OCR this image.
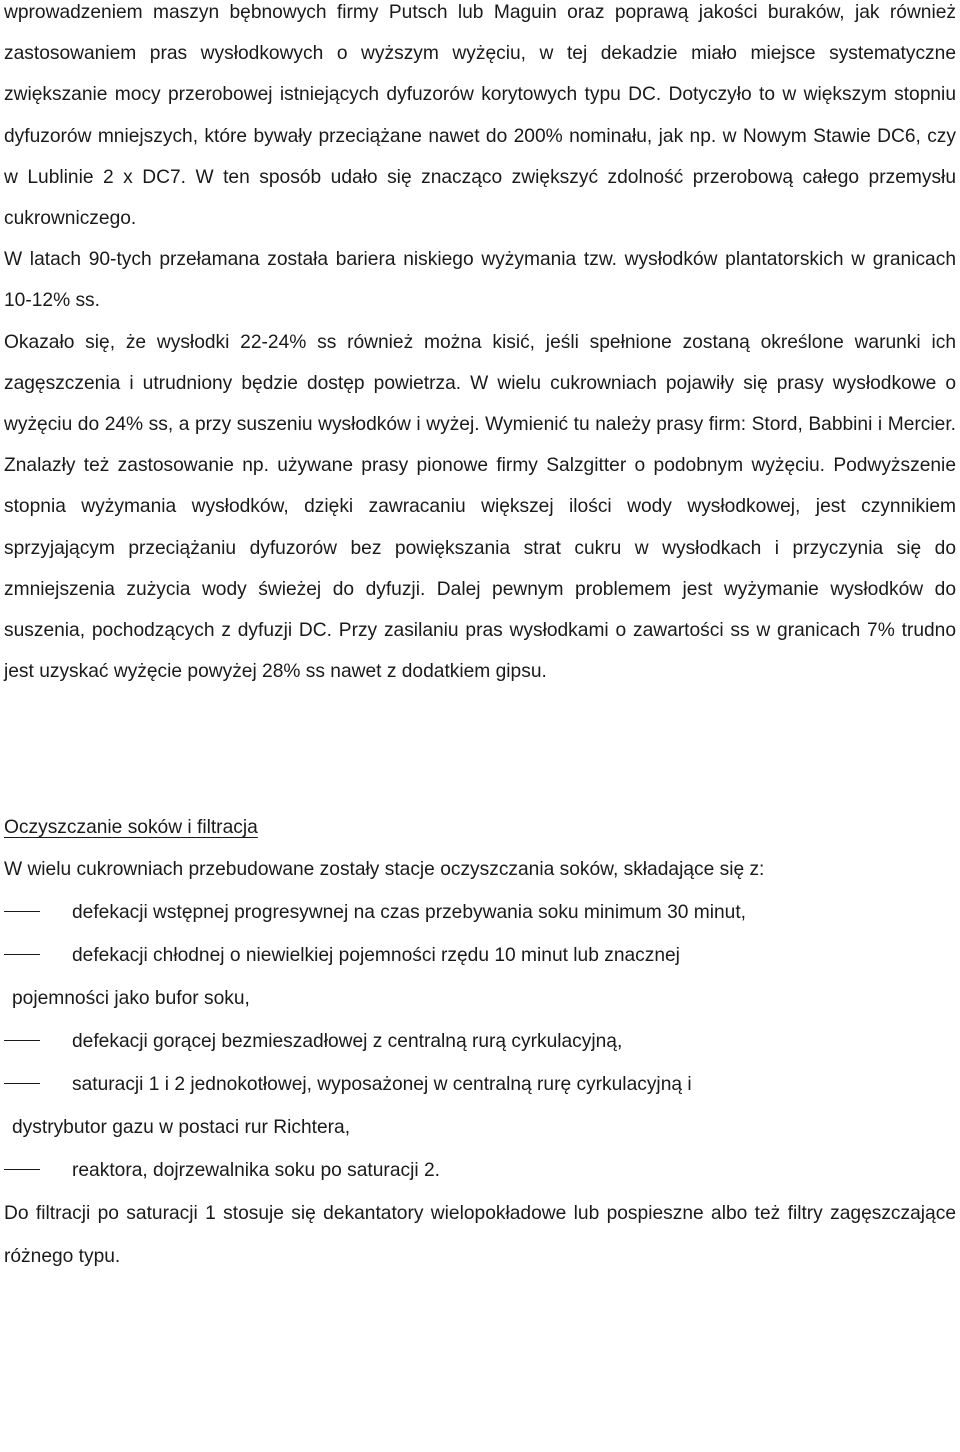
wprowadzeniem maszyn bębnowych firmy Putsch lub Maguin oraz poprawą jakości buraków, jak również zastosowaniem pras wysłodkowych o wyższym wyżęciu, w tej dekadzie miało miejsce systematyczne zwiększanie mocy przerobowej istniejących dyfuzorów korytowych typu DC. Dotyczyło to w większym stopniu dyfuzorów mniejszych, które bywały przeciążane nawet do 200% nominału, jak np. w Nowym Stawie DC6, czy w Lublinie 2 x DC7. W ten sposób udało się znacząco zwiększyć zdolność przerobową całego przemysłu cukrowniczego.

W latach 90-tych przełamana została bariera niskiego wyżymania tzw. wysłodków plantatorskich w granicach 10-12% ss.

Okazało się, że wysłodki 22-24% ss również można kisić, jeśli spełnione zostaną określone warunki ich zagęszczenia i utrudniony będzie dostęp powietrza. W wielu cukrowniach pojawiły się prasy wysłodkowe o wyżęciu do 24% ss, a przy suszeniu wysłodków i wyżej. Wymienić tu należy prasy firm: Stord, Babbini i Mercier. Znalazły też zastosowanie np. używane prasy pionowe firmy Salzgitter o podobnym wyżęciu. Podwyższenie stopnia wyżymania wysłodków, dzięki zawracaniu większej ilości wody wysłodkowej, jest czynnikiem sprzyjającym przeciążaniu dyfuzorów bez powiększania strat cukru w wysłodkach i przyczynia się do zmniejszenia zużycia wody świeżej do dyfuzji. Dalej pewnym problemem jest wyżymanie wysłodków do suszenia, pochodzących z dyfuzji DC. Przy zasilaniu pras wysłodkami o zawartości ss w granicach 7% trudno jest uzyskać wyżęcie powyżej 28% ss nawet z dodatkiem gipsu.

Oczyszczanie soków i filtracja

W wielu cukrowniach przebudowane zostały stacje oczyszczania soków, składające się z:

defekacji wstępnej progresywnej na czas przebywania soku minimum 30 minut,
defekacji chłodnej o niewielkiej pojemności rzędu 10 minut lub znacznej
pojemności jako bufor soku,
defekacji gorącej bezmieszadłowej z centralną rurą cyrkulacyjną,
saturacji 1 i 2 jednokotłowej, wyposażonej w centralną rurę cyrkulacyjną i
dystrybutor gazu w postaci rur Richtera,
reaktora, dojrzewalnika soku po saturacji 2.

Do filtracji po saturacji 1 stosuje się dekantatory wielopokładowe lub pospieszne albo też filtry zagęszczające różnego typu.
